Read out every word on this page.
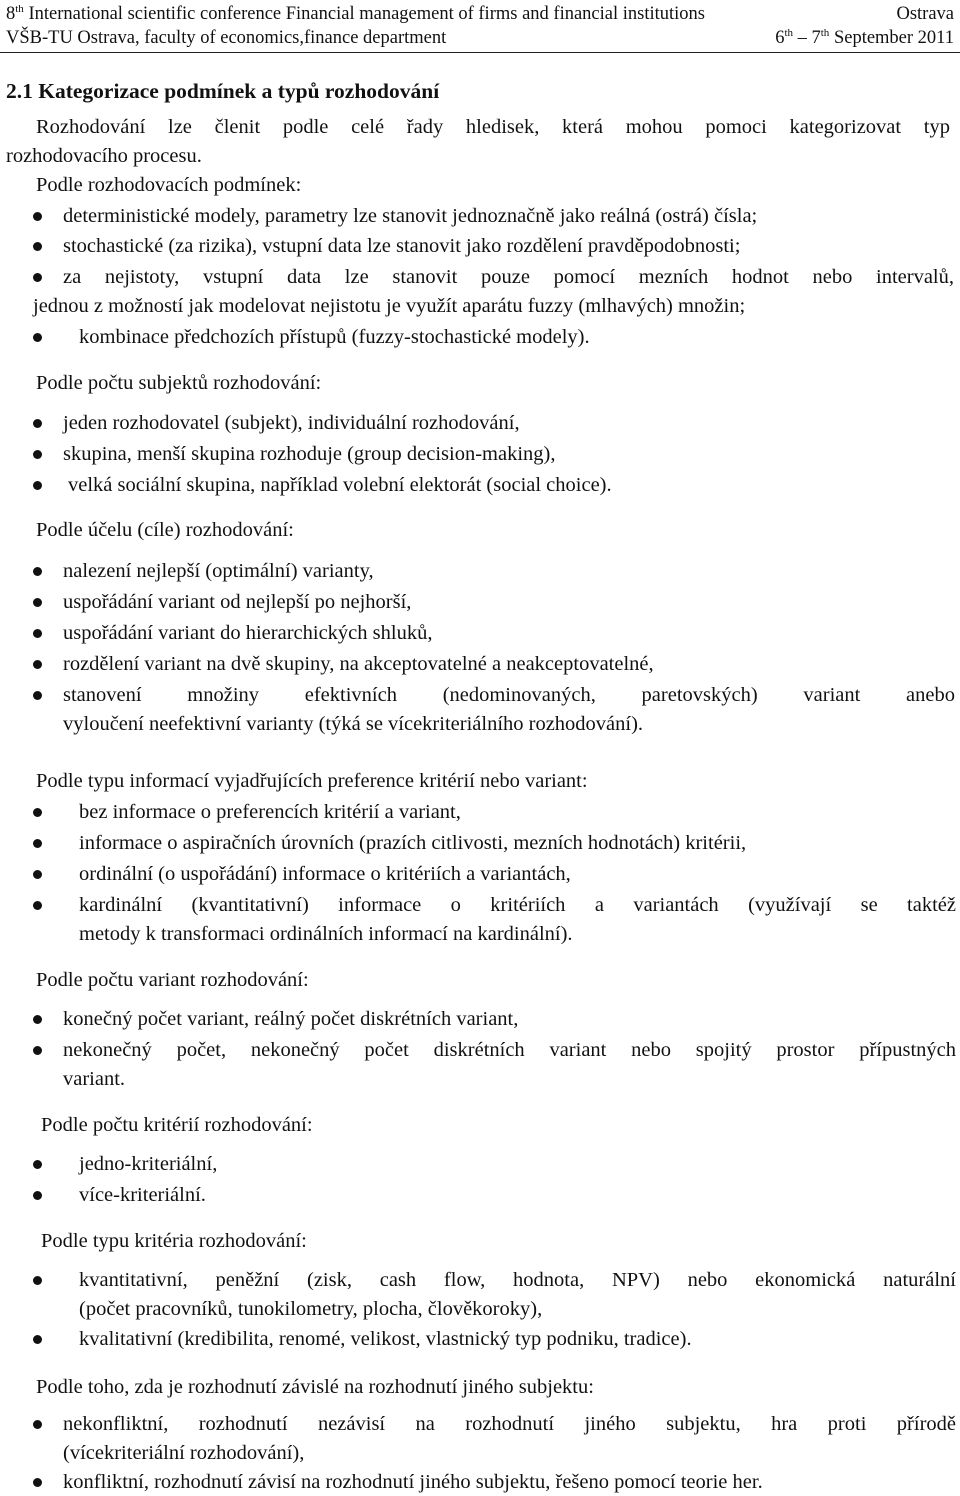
8th International scientific conference Financial management of firms and financial institutions	Ostrava
VŠB-TU Ostrava, faculty of economics,finance department	6th – 7th September 2011
2.1 Kategorizace podmínek a typů rozhodování
Rozhodování lze členit podle celé řady hledisek, která mohou pomoci kategorizovat typ
rozhodovacího procesu.
Podle rozhodovacích podmínek:
deterministické modely, parametry lze stanovit jednoznačně jako reálná (ostrá) čísla;
stochastické (za rizika), vstupní data lze stanovit jako rozdělení pravděpodobnosti;
za nejistoty, vstupní data lze stanovit pouze pomocí mezních hodnot nebo intervalů,
jednou z možností jak modelovat nejistotu je využít aparátu fuzzy (mlhavých) množin;
kombinace předchozích přístupů (fuzzy-stochastické modely).
Podle počtu subjektů rozhodování:
jeden rozhodovatel (subjekt), individuální rozhodování,
skupina, menší skupina rozhoduje (group decision-making),
velká sociální skupina, například volební elektorát (social choice).
Podle účelu (cíle) rozhodování:
nalezení nejlepší (optimální) varianty,
uspořádání variant od nejlepší po nejhorší,
uspořádání variant do hierarchických shluků,
rozdělení variant na dvě skupiny, na akceptovatelné a neakceptovatelné,
stanovení množiny efektivních (nedominovaných, paretovských) variant anebo
vyloučení neefektivní varianty (týká se vícekriteriálního rozhodování).
Podle typu informací vyjadřujících preference kritérií nebo variant:
bez informace o preferencích kritérií a variant,
informace o aspiračních úrovních (prazích citlivosti, mezních hodnotách) kritérii,
ordinální (o uspořádání) informace o kritériích a variantách,
kardinální (kvantitativní) informace o kritériích a variantách (využívají se taktéž
metody k transformaci ordinálních informací na kardinální).
Podle počtu variant rozhodování:
konečný počet variant, reálný počet diskrétních variant,
nekonečný počet, nekonečný počet diskrétních variant nebo spojitý prostor přípustných
variant.
Podle počtu kritérií rozhodování:
jedno-kriteriální,
více-kriteriální.
Podle typu kritéria rozhodování:
kvantitativní, peněžní (zisk, cash flow, hodnota, NPV) nebo ekonomická naturální
(počet pracovníků, tunokilometry, plocha, člověkoroky),
kvalitativní (kredibilita, renomé, velikost, vlastnický typ podniku, tradice).
Podle toho, zda je rozhodnutí závislé na rozhodnutí jiného subjektu:
nekonfliktní, rozhodnutí nezávisí na rozhodnutí jiného subjektu, hra proti přírodě
(vícekriteriální rozhodování),
konfliktní, rozhodnutí závisí na rozhodnutí jiného subjektu, řešeno pomocí teorie her.
